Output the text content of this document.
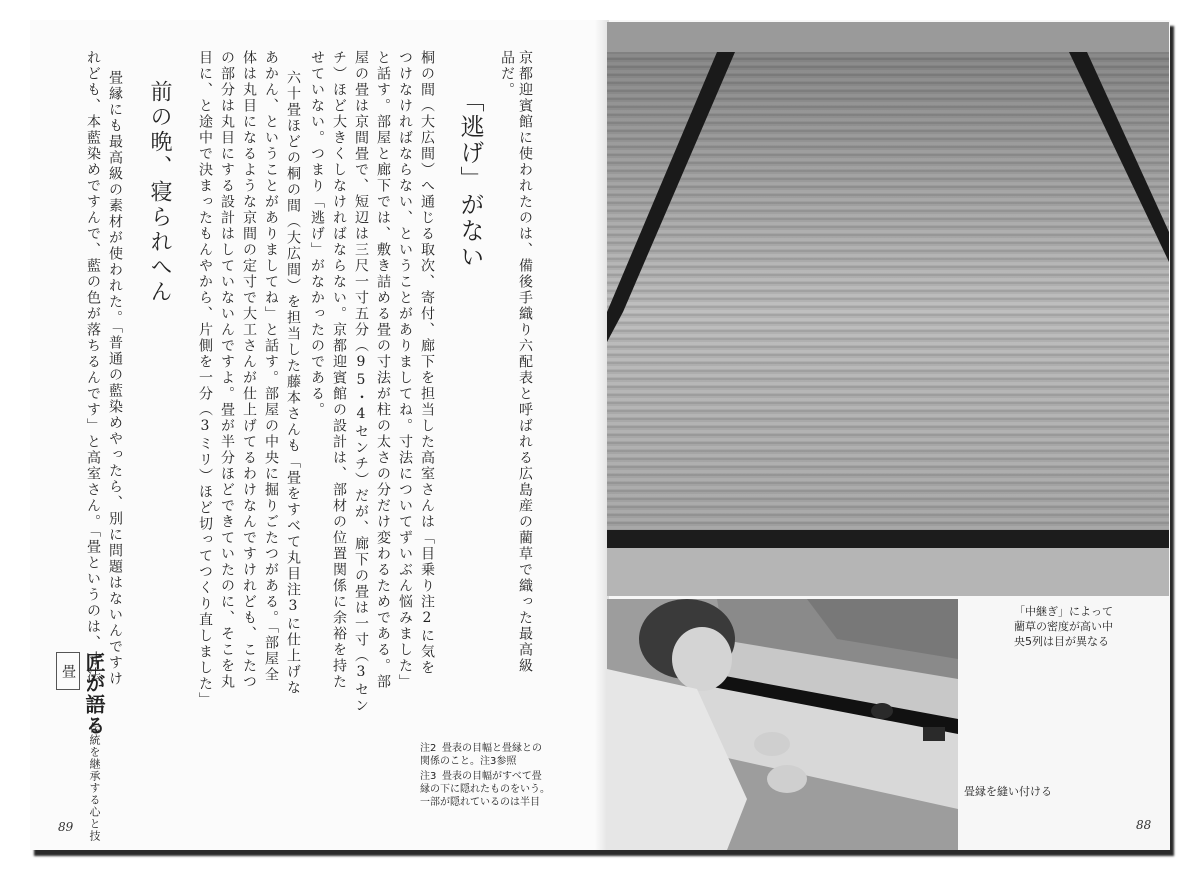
京都迎賓館に使われたのは、備後手織り六配表と呼ばれる広島産の藺草で織った最高級
品だ。
「逃げ」がない
桐の間（大広間）へ通じる取次、寄付、廊下を担当した高室さんは「目乗り注2に気を
つけなければならない、ということがありましてね。寸法についてずいぶん悩みました」
と話す。部屋と廊下では、敷き詰める畳の寸法が柱の太さの分だけ変わるためである。部
屋の畳は京間畳で、短辺は三尺一寸五分（95・4センチ）だが、廊下の畳は一寸（3セン
チ）ほど大きくしなければならない。京都迎賓館の設計は、部材の位置関係に余裕を持た
せていない。つまり「逃げ」がなかったのである。
六十畳ほどの桐の間（大広間）を担当した藤本さんも「畳をすべて丸目注3に仕上げな
あかん、ということがありましてね」と話す。部屋の中央に掘りごたつがある。「部屋全
体は丸目になるような京間の定寸で大工さんが仕上げてるわけなんですけれども、こたつ
の部分は丸目にする設計はしていないんですよ。畳が半分ほどできていたのに、そこを丸
目に、と途中で決まったもんやから、片側を一分（3ミリ）ほど切ってつくり直しました」
前の晩、寝られへん
畳縁にも最高級の素材が使われた。「普通の藍染めやったら、別に問題はないんですけ
れども、本藍染めですんで、藍の色が落ちるんです」と高室さん。「畳というのは、寸法
畳 匠が語る
伝統を継承する心と技	注2 畳表の目幅と畳縁との関係のこと。注3参照
注3 畳表の目幅がすべて畳縁の下に隠れたものをいう。一部が隠れているのは半目
「中継ぎ」によって藺草の密度が高い中央5列は目が異なる
畳縁を縫い付ける
89	88
